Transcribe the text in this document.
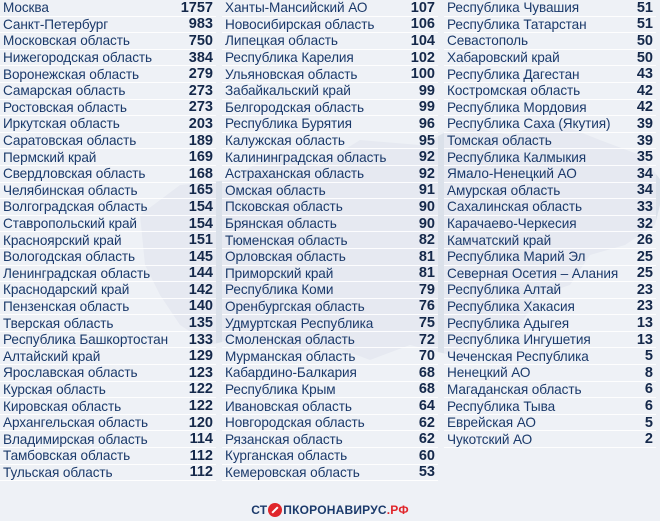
Москва	1757
Санкт-Петербург	983
Московская область	750
Нижегородская область	384
Воронежская область	279
Самарская область	273
Ростовская область	273
Иркутская область	203
Саратовская область	189
Пермский край	169
Свердловская область	168
Челябинская область	165
Волгоградская область	154
Ставропольский край	154
Красноярский край	151
Вологодская область	145
Ленинградская область	144
Краснодарский край	142
Пензенская область	140
Тверская область	135
Республика Башкортостан 133
Алтайский край	129
Ярославская область	123
Курская область	122
Кировская область	122
Архангельская область	120
Владимирская область	114
Тамбовская область	112
Тульская область	112
Ханты-Мансийский АО	107
Новосибирская область	106
Липецкая область	104
Республика Карелия	102
Ульяновская область	100
Забайкальский край	99
Белгородская область	99
Республика Бурятия	96
Калужская область	95
Калининградская область 92
Астраханская область	92
Омская область	91
Псковская область	90
Брянская область	90
Тюменская область	82
Орловская область	81
Приморский край	81
Республика Коми	79
Оренбургская область	76
Удмуртская Республика	75
Смоленская область	72
Мурманская область	70
Кабардино-Балкария	68
Республика Крым	68
Ивановская область	64
Новгородская область	62
Рязанская область	62
Курганская область	60
Кемеровская область	53
Республика Чувашия	51
Республика Татарстан	51
Севастополь	50
Хабаровский край	50
Республика Дагестан	43
Костромская область	42
Республика Мордовия	42
Республика Саха (Якутия) 39
Томская область	39
Республика Калмыкия	35
Ямало-Ненецкий АО	34
Амурская область	34
Сахалинская область	33
Карачаево-Черкесия	32
Камчатский край	26
Республика Марий Эл	25
Северная Осетия – Алания 25
Республика Алтай	23
Республика Хакасия	23
Республика Адыгея	13
Республика Ингушетия	13
Чеченская Республика	5
Ненецкий АО	8
Магаданская область	6
Республика Тыва	6
Еврейская АО	5
Чукотский АО	2
СТ ПКОРОНАВИРУС .РФ
